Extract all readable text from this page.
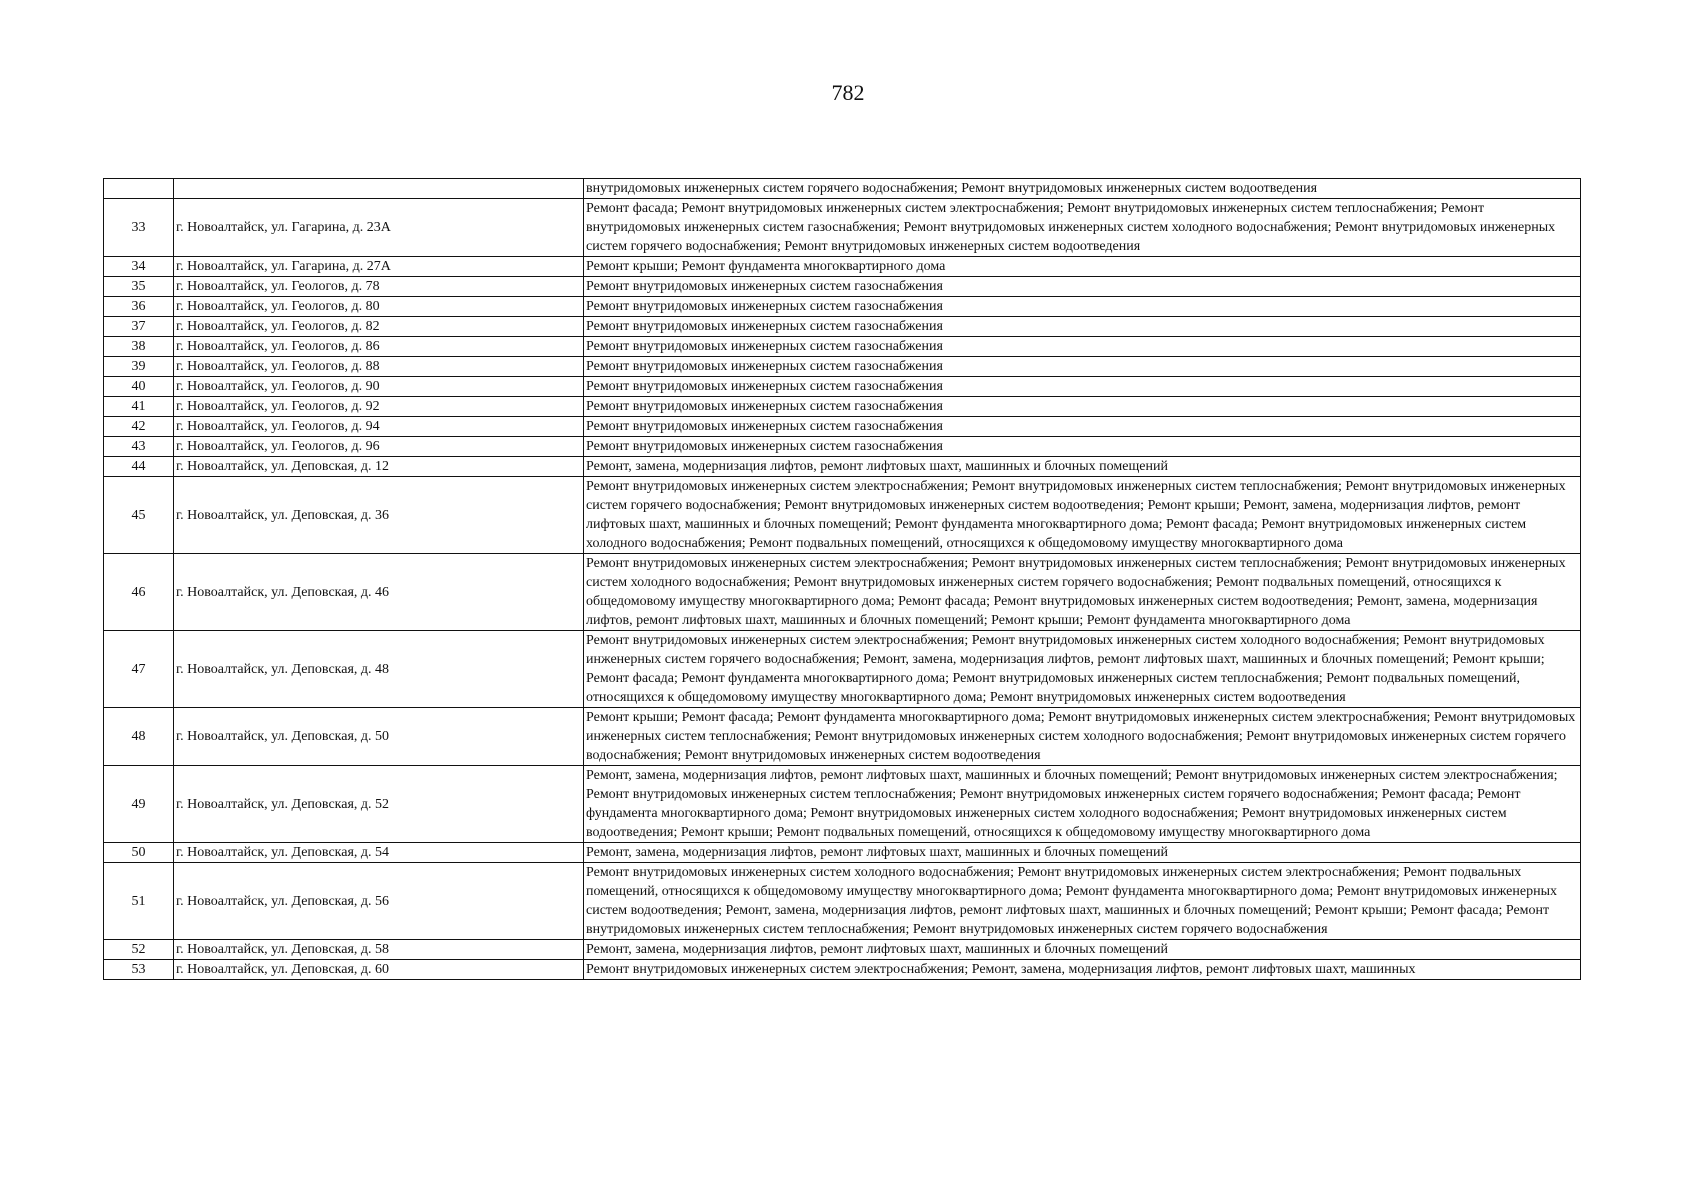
782
		внутридомовых инженерных систем горячего водоснабжения; Ремонт внутридомовых инженерных систем водоотведения
33	г. Новоалтайск, ул. Гагарина, д. 23А	Ремонт фасада; Ремонт внутридомовых инженерных систем электроснабжения; Ремонт внутридомовых инженерных систем теплоснабжения; Ремонт внутридомовых инженерных систем газоснабжения; Ремонт внутридомовых инженерных систем холодного водоснабжения; Ремонт внутридомовых инженерных систем горячего водоснабжения; Ремонт внутридомовых инженерных систем водоотведения
34	г. Новоалтайск, ул. Гагарина, д. 27А	Ремонт крыши; Ремонт фундамента многоквартирного дома
35	г. Новоалтайск, ул. Геологов, д. 78	Ремонт внутридомовых инженерных систем газоснабжения
36	г. Новоалтайск, ул. Геологов, д. 80	Ремонт внутридомовых инженерных систем газоснабжения
37	г. Новоалтайск, ул. Геологов, д. 82	Ремонт внутридомовых инженерных систем газоснабжения
38	г. Новоалтайск, ул. Геологов, д. 86	Ремонт внутридомовых инженерных систем газоснабжения
39	г. Новоалтайск, ул. Геологов, д. 88	Ремонт внутридомовых инженерных систем газоснабжения
40	г. Новоалтайск, ул. Геологов, д. 90	Ремонт внутридомовых инженерных систем газоснабжения
41	г. Новоалтайск, ул. Геологов, д. 92	Ремонт внутридомовых инженерных систем газоснабжения
42	г. Новоалтайск, ул. Геологов, д. 94	Ремонт внутридомовых инженерных систем газоснабжения
43	г. Новоалтайск, ул. Геологов, д. 96	Ремонт внутридомовых инженерных систем газоснабжения
44	г. Новоалтайск, ул. Деповская, д. 12	Ремонт, замена, модернизация лифтов, ремонт лифтовых шахт, машинных и блочных помещений
45	г. Новоалтайск, ул. Деповская, д. 36	Ремонт внутридомовых инженерных систем электроснабжения; Ремонт внутридомовых инженерных систем теплоснабжения; Ремонт внутридомовых инженерных систем горячего водоснабжения; Ремонт внутридомовых инженерных систем водоотведения; Ремонт крыши; Ремонт, замена, модернизация лифтов, ремонт лифтовых шахт, машинных и блочных помещений; Ремонт фундамента многоквартирного дома; Ремонт фасада; Ремонт внутридомовых инженерных систем холодного водоснабжения; Ремонт подвальных помещений, относящихся к общедомовому имуществу многоквартирного дома
46	г. Новоалтайск, ул. Деповская, д. 46	Ремонт внутридомовых инженерных систем электроснабжения; Ремонт внутридомовых инженерных систем теплоснабжения; Ремонт внутридомовых инженерных систем холодного водоснабжения; Ремонт внутридомовых инженерных систем горячего водоснабжения; Ремонт подвальных помещений, относящихся к общедомовому имуществу многоквартирного дома; Ремонт фасада; Ремонт внутридомовых инженерных систем водоотведения; Ремонт, замена, модернизация лифтов, ремонт лифтовых шахт, машинных и блочных помещений; Ремонт крыши; Ремонт фундамента многоквартирного дома
47	г. Новоалтайск, ул. Деповская, д. 48	Ремонт внутридомовых инженерных систем электроснабжения; Ремонт внутридомовых инженерных систем холодного водоснабжения; Ремонт внутридомовых инженерных систем горячего водоснабжения; Ремонт, замена, модернизация лифтов, ремонт лифтовых шахт, машинных и блочных помещений; Ремонт крыши; Ремонт фасада; Ремонт фундамента многоквартирного дома; Ремонт внутридомовых инженерных систем теплоснабжения; Ремонт подвальных помещений, относящихся к общедомовому имуществу многоквартирного дома; Ремонт внутридомовых инженерных систем водоотведения
48	г. Новоалтайск, ул. Деповская, д. 50	Ремонт крыши; Ремонт фасада; Ремонт фундамента многоквартирного дома; Ремонт внутридомовых инженерных систем электроснабжения; Ремонт внутридомовых инженерных систем теплоснабжения; Ремонт внутридомовых инженерных систем холодного водоснабжения; Ремонт внутридомовых инженерных систем горячего водоснабжения; Ремонт внутридомовых инженерных систем водоотведения
49	г. Новоалтайск, ул. Деповская, д. 52	Ремонт, замена, модернизация лифтов, ремонт лифтовых шахт, машинных и блочных помещений; Ремонт внутридомовых инженерных систем электроснабжения; Ремонт внутридомовых инженерных систем теплоснабжения; Ремонт внутридомовых инженерных систем горячего водоснабжения; Ремонт фасада; Ремонт фундамента многоквартирного дома; Ремонт внутридомовых инженерных систем холодного водоснабжения; Ремонт внутридомовых инженерных систем водоотведения; Ремонт крыши; Ремонт подвальных помещений, относящихся к общедомовому имуществу многоквартирного дома
50	г. Новоалтайск, ул. Деповская, д. 54	Ремонт, замена, модернизация лифтов, ремонт лифтовых шахт, машинных и блочных помещений
51	г. Новоалтайск, ул. Деповская, д. 56	Ремонт внутридомовых инженерных систем холодного водоснабжения; Ремонт внутридомовых инженерных систем электроснабжения; Ремонт подвальных помещений, относящихся к общедомовому имуществу многоквартирного дома; Ремонт фундамента многоквартирного дома; Ремонт внутридомовых инженерных систем водоотведения; Ремонт, замена, модернизация лифтов, ремонт лифтовых шахт, машинных и блочных помещений; Ремонт крыши; Ремонт фасада; Ремонт внутридомовых инженерных систем теплоснабжения; Ремонт внутридомовых инженерных систем горячего водоснабжения
52	г. Новоалтайск, ул. Деповская, д. 58	Ремонт, замена, модернизация лифтов, ремонт лифтовых шахт, машинных и блочных помещений
53	г. Новоалтайск, ул. Деповская, д. 60	Ремонт внутридомовых инженерных систем электроснабжения; Ремонт, замена, модернизация лифтов, ремонт лифтовых шахт, машинных
